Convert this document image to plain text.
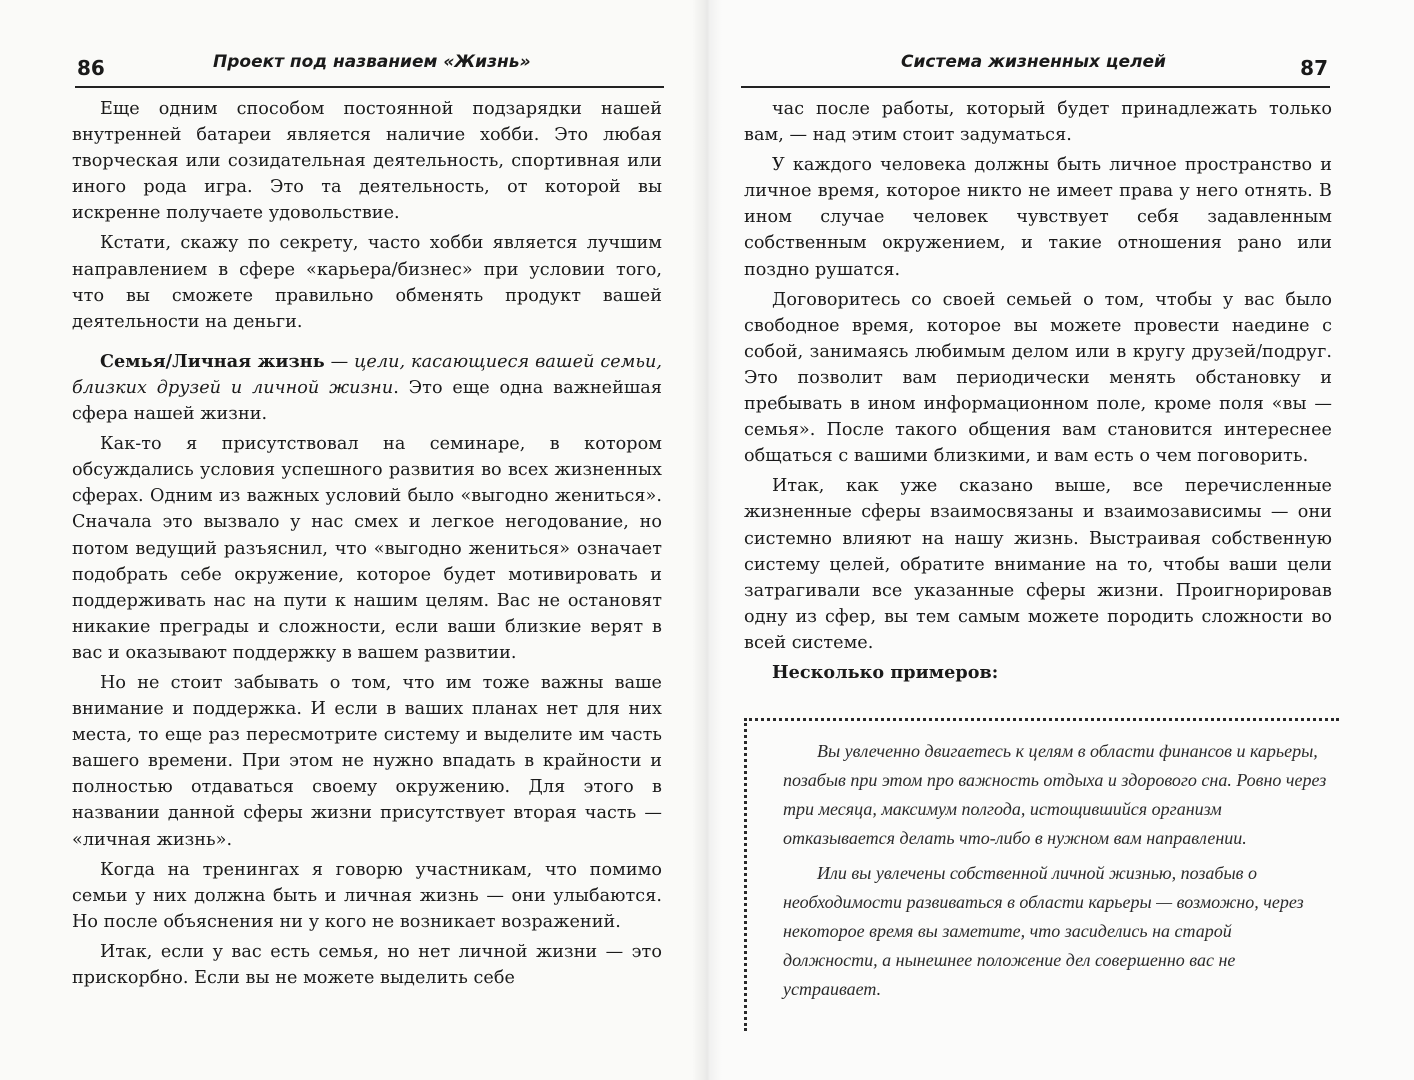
86	Проект под названием «Жизнь»

Еще одним способом постоянной подзарядки нашей внутренней батареи является наличие хобби. Это любая творческая или созидательная деятельность, спортивная или иного рода игра. Это та деятельность, от которой вы искренне получаете удовольствие.

Кстати, скажу по секрету, часто хобби является лучшим направлением в сфере «карьера/бизнес» при условии того, что вы сможете правильно обменять продукт вашей деятельности на деньги.

Семья/Личная жизнь — цели, касающиеся вашей семьи, близких друзей и личной жизни. Это еще одна важнейшая сфера нашей жизни.

Как-то я присутствовал на семинаре, в котором обсуждались условия успешного развития во всех жизненных сферах. Одним из важных условий было «выгодно жениться». Сначала это вызвало у нас смех и легкое негодование, но потом ведущий разъяснил, что «выгодно жениться» означает подобрать себе окружение, которое будет мотивировать и поддерживать нас на пути к нашим целям. Вас не остановят никакие преграды и сложности, если ваши близкие верят в вас и оказывают поддержку в вашем развитии.

Но не стоит забывать о том, что им тоже важны ваше внимание и поддержка. И если в ваших планах нет для них места, то еще раз пересмотрите систему и выделите им часть вашего времени. При этом не нужно впадать в крайности и полностью отдаваться своему окружению. Для этого в названии данной сферы жизни присутствует вторая часть — «личная жизнь».

Когда на тренингах я говорю участникам, что помимо семьи у них должна быть и личная жизнь — они улыбаются. Но после объяснения ни у кого не возникает возражений.

Итак, если у вас есть семья, но нет личной жизни — это прискорбно. Если вы не можете выделить себе

Система жизненных целей	87

час после работы, который будет принадлежать только вам, — над этим стоит задуматься.

У каждого человека должны быть личное пространство и личное время, которое никто не имеет права у него отнять. В ином случае человек чувствует себя задавленным собственным окружением, и такие отношения рано или поздно рушатся.

Договоритесь со своей семьей о том, чтобы у вас было свободное время, которое вы можете провести наедине с собой, занимаясь любимым делом или в кругу друзей/подруг. Это позволит вам периодически менять обстановку и пребывать в ином информационном поле, кроме поля «вы — семья». После такого общения вам становится интереснее общаться с вашими близкими, и вам есть о чем поговорить.

Итак, как уже сказано выше, все перечисленные жизненные сферы взаимосвязаны и взаимозависимы — они системно влияют на нашу жизнь. Выстраивая собственную систему целей, обратите внимание на то, чтобы ваши цели затрагивали все указанные сферы жизни. Проигнорировав одну из сфер, вы тем самым можете породить сложности во всей системе.

Несколько примеров:

Вы увлеченно двигаетесь к целям в области финансов и карьеры, позабыв при этом про важность отдыха и здорового сна. Ровно через три месяца, максимум полгода, истощившийся организм отказывается делать что-либо в нужном вам направлении.

Или вы увлечены собственной личной жизнью, позабыв о необходимости развиваться в области карьеры — возможно, через некоторое время вы заметите, что засиделись на старой должности, а нынешнее положение дел совершенно вас не устраивает.
